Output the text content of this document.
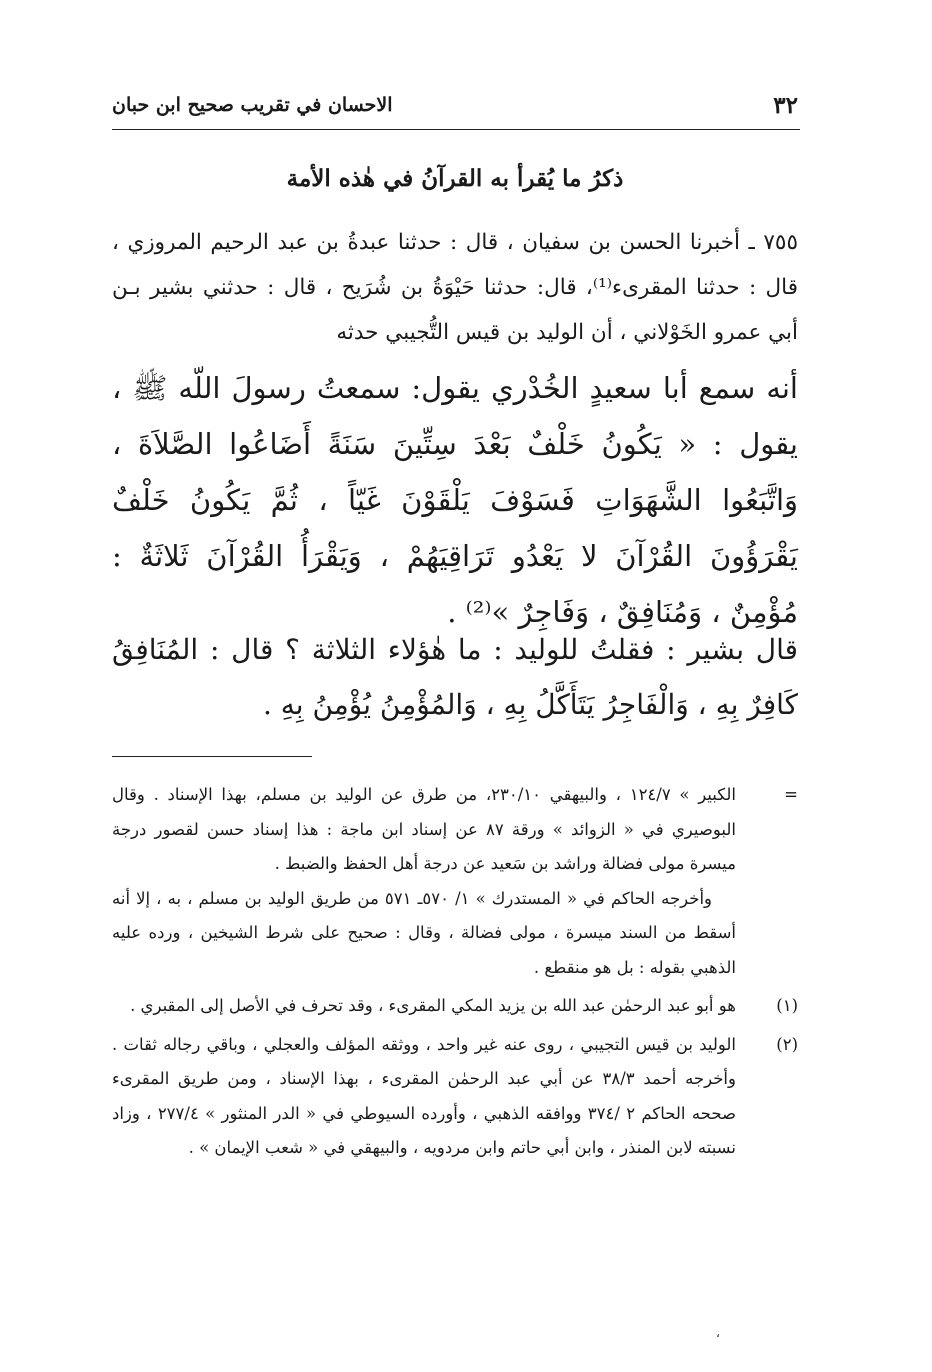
٣٢
الاحسان في تقريب صحيح ابن حبان
ذكرُ ما يُقرأ به القرآنُ في هٰذه الأمة
٧٥٥ ـ أخبرنا الحسن بن سفيان ، قال : حدثنا عبدةُ بن عبد الرحيم المروزي ، قال : حدثنا المقرىء⁽¹⁾، قال: حدثنا حَيْوَةُ بن شُرَيح ، قال : حدثني بشير بـن أبي عمرو الخَوْلاني ، أن الوليد بن قيس التُّجيبي حدثه
أنه سمع أبا سعيدٍ الخُدْري يقول: سمعتُ رسولَ اللّه ﷺ ، يقول : « يَكُونُ خَلْفٌ بَعْدَ سِتِّينَ سَنَةً أَضَاعُوا الصَّلاَةَ ، وَاتَّبَعُوا الشَّهَوَاتِ فَسَوْفَ يَلْقَوْنَ غَيّاً ، ثُمَّ يَكُونُ خَلْفٌ يَقْرَؤُونَ القُرْآنَ لا يَعْدُو تَرَاقِيَهُمْ ، وَيَقْرَأُ القُرْآنَ ثَلاثَةٌ : مُؤْمِنٌ ، وَمُنَافِقٌ ، وَفَاجِرٌ »⁽²⁾ .
قال بشير : فقلتُ للوليد : ما هٰؤلاء الثلاثة ؟ قال : المُنَافِقُ كَافِرٌ بِهِ ، وَالْفَاجِرُ يَتَأَكَّلُ بِهِ ، وَالمُؤْمِنُ يُؤْمِنُ بِهِ .
=
الكبير » ١٢٤/٧ ، والبيهقي ٢٣٠/١٠، من طرق عن الوليد بن مسلم، بهذا الإسناد . وقال البوصيري في « الزوائد » ورقة ٨٧ عن إسناد ابن ماجة : هذا إسناد حسن لقصور درجة ميسرة مولى فضالة وراشد بن سَعيد عن درجة أهل الحفظ والضبط .
وأخرجه الحاكم في « المستدرك » ١/ ٥٧٠ـ ٥٧١ من طريق الوليد بن مسلم ، به ، إلا أنه أسقط من السند ميسرة ، مولى فضالة ، وقال : صحيح على شرط الشيخين ، ورده عليه الذهبي بقوله : بل هو منقطع .
(١)
هو أبو عبد الرحمٰن عبد الله بن يزيد المكي المقرىء ، وقد تحرف في الأصل إلى المقبري .
(٢)
الوليد بن قيس التجيبي ، روى عنه غير واحد ، ووثقه المؤلف والعجلي ، وباقي رجاله ثقات . وأخرجه أحمد ٣٨/٣ عن أبي عبد الرحمٰن المقرىء ، بهذا الإسناد ، ومن طريق المقرىء صححه الحاكم ٢ /٣٧٤ ووافقه الذهبي ، وأورده السيوطي في « الدر المنثور » ٢٧٧/٤ ، وزاد نسبته لابن المنذر ، وابن أبي حاتم وابن مردويه ، والبيهقي في « شعب الإيمان » .
،
